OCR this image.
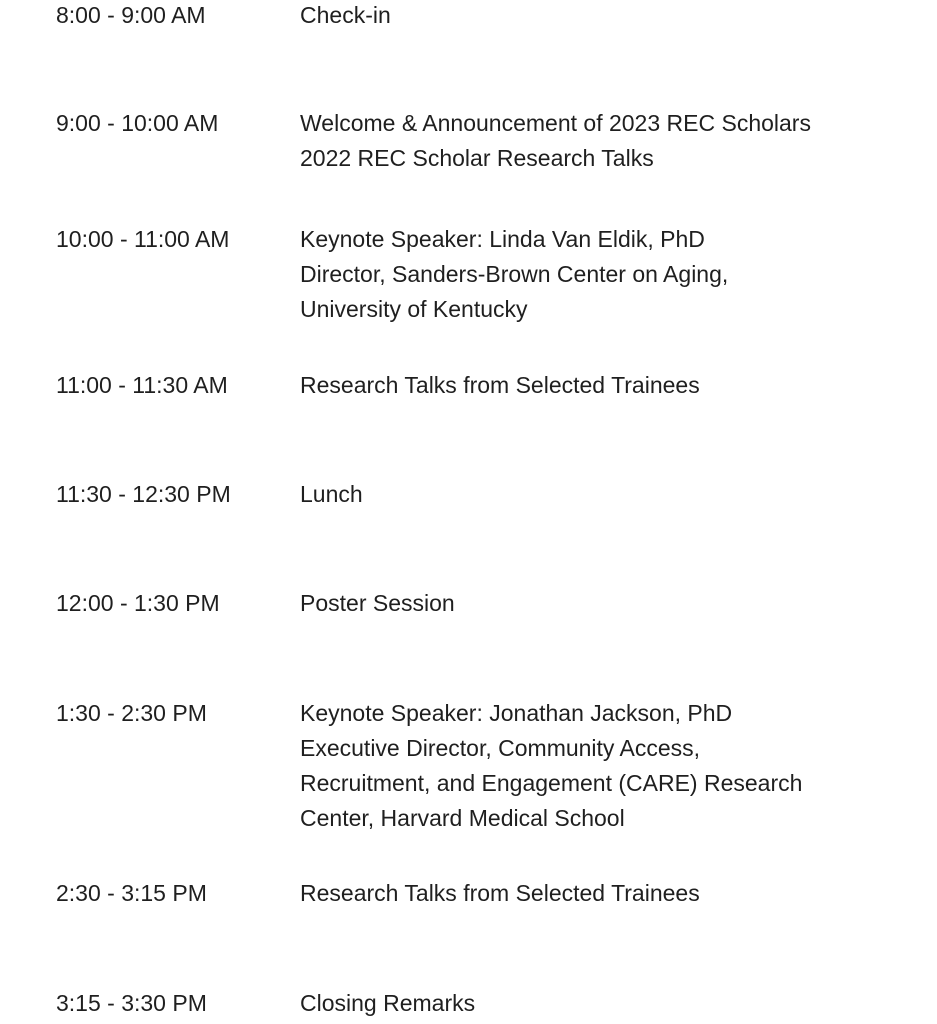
8:00 - 9:00 AM	Check-in
9:00 - 10:00 AM	Welcome & Announcement of 2023 REC Scholars
2022 REC Scholar Research Talks
10:00 - 11:00 AM	Keynote Speaker: Linda Van Eldik, PhD
Director, Sanders-Brown Center on Aging,
University of Kentucky
11:00 - 11:30 AM	Research Talks from Selected Trainees
11:30 - 12:30 PM	Lunch
12:00 - 1:30 PM	Poster Session
1:30 - 2:30 PM	Keynote Speaker: Jonathan Jackson, PhD
Executive Director, Community Access,
Recruitment, and Engagement (CARE) Research
Center, Harvard Medical School
2:30 - 3:15 PM	Research Talks from Selected Trainees
3:15 - 3:30 PM	Closing Remarks
